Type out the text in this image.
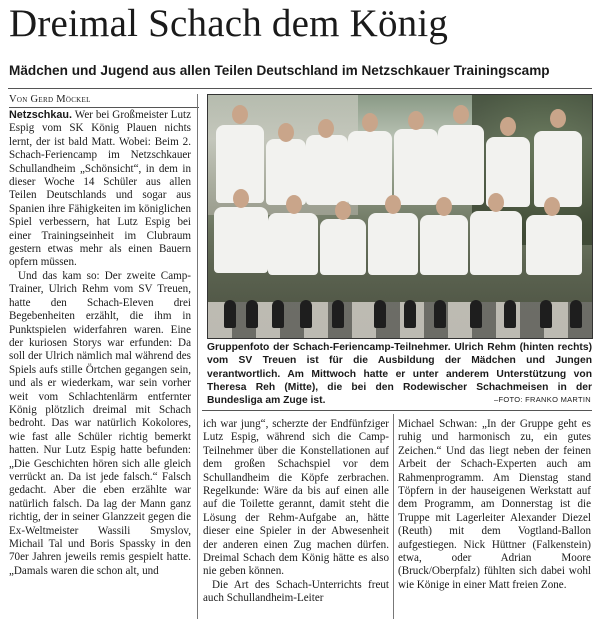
Dreimal Schach dem König
Mädchen und Jugend aus allen Teilen Deutschland im Netzschkauer Trainingscamp
Von Gerd Möckel

Netzschkau. Wer bei Großmeister Lutz Espig vom SK König Plauen nichts lernt, der ist bald Matt. Wobei: Beim 2. Schach-Feriencamp im Netzschkauer Schullandheim „Schönsicht“, in dem in dieser Woche 14 Schüler aus allen Teilen Deutschlands und sogar aus Spanien ihre Fähigkeiten im königlichen Spiel verbessern, hat Lutz Espig bei einer Trainingseinheit im Clubraum gestern etwas mehr als einen Bauern opfern müssen.

Und das kam so: Der zweite Camp-Trainer, Ulrich Rehm vom SV Treuen, hatte den Schach-Eleven drei Begebenheiten erzählt, die ihm in Punktspielen widerfahren waren. Eine der kuriosen Storys war erfunden: Da soll der Ulrich nämlich mal während des Spiels aufs stille Örtchen gegangen sein, und als er wiederkam, war sein vorher weit vom Schlachtenlärm entfernter König plötzlich dreimal mit Schach bedroht. Das war natürlich Kokolores, wie fast alle Schüler richtig bemerkt hatten. Nur Lutz Espig hatte befunden: „Die Geschichten hören sich alle gleich verrückt an. Da ist jede falsch.“ Falsch gedacht. Aber die eben erzählte war natürlich falsch. Da lag der Mann ganz richtig, der in seiner Glanzzeit gegen die Ex-Weltmeister Wassili Smyslov, Michail Tal und Boris Spassky in den 70er Jahren jeweils remis gespielt hatte. „Damals waren die schon alt, und

Gruppenfoto der Schach-Feriencamp-Teilnehmer. Ulrich Rehm (hinten rechts) vom SV Treuen ist für die Ausbildung der Mädchen und Jungen verantwortlich. Am Mittwoch hatte er unter anderem Unterstützung von Theresa Reh (Mitte), die bei den Rodewischer Schachmeisen in der Bundesliga am Zuge ist.	–FOTO: FRANKO MARTIN

ich war jung“, scherzte der Endfünfziger Lutz Espig, während sich die Camp-Teilnehmer über die Konstellationen auf dem großen Schachspiel vor dem Schullandheim die Köpfe zerbrachen. Regelkunde: Wäre da bis auf einen alle auf die Toilette gerannt, damit steht die Lösung der Rehm-Aufgabe an, hätte dieser eine Spieler in der Abwesenheit der anderen einen Zug machen dürfen. Dreimal Schach dem König hätte es also nie geben können.

Die Art des Schach-Unterrichts freut auch Schullandheim-Leiter

Michael Schwan: „In der Gruppe geht es ruhig und harmonisch zu, ein gutes Zeichen.“ Und das liegt neben der feinen Arbeit der Schach-Experten auch am Rahmenprogramm. Am Dienstag stand Töpfern in der hauseigenen Werkstatt auf dem Programm, am Donnerstag ist die Truppe mit Lagerleiter Alexander Diezel (Reuth) mit dem Vogtland-Ballon aufgestiegen. Nick Hüttner (Falkenstein) etwa, oder Adrian Moore (Bruck/Oberpfalz) fühlten sich dabei wohl wie Könige in einer Matt freien Zone.
